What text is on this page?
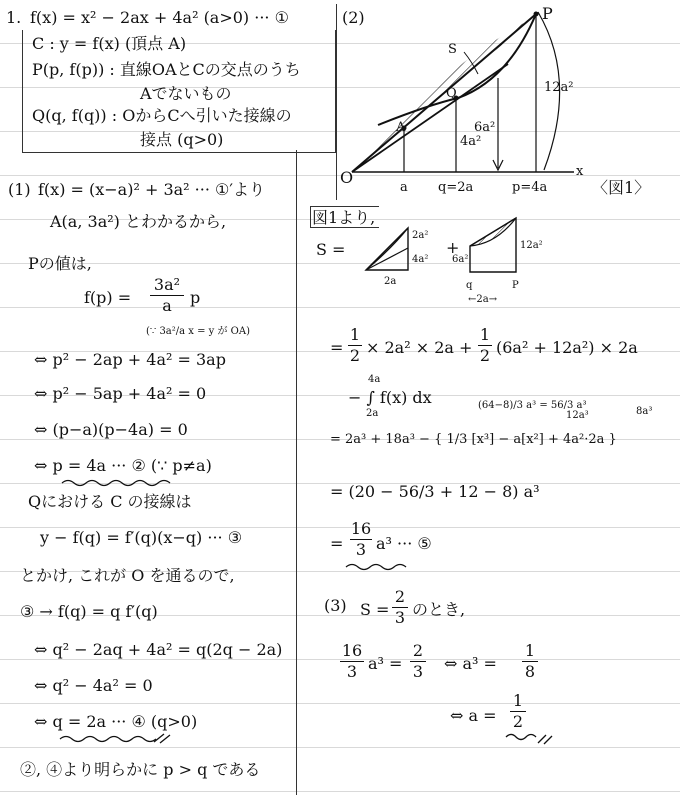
1. f(x) = x² − 2ax + 4a² (a>0) ··· ①
C : y = f(x) (頂点 A)
P(p, f(p)) : 直線OAとCの交点のうち
Aでないもの
Q(q, f(q)) : OからCへ引いた接線の
接点 (q>0)
(1) f(x) = (x−a)² + 3a² ··· ①′より
A(a, 3a²) とわかるから,
Pの値は,
f(p) =
3a²
a	p
(∵ 3a²/a x = y が OA)
⇔ p² − 2ap + 4a² = 3ap
⇔ p² − 5ap + 4a² = 0
⇔ (p−a)(p−4a) = 0
⇔ p = 4a ··· ② (∵ p≠a)
Qにおける C の接線は
y − f(q) = f′(q)(x−q) ··· ③
とかけ, これが O を通るので,
③ → f(q) = q f′(q)
⇔ q² − 2aq + 4a² = q(2q − 2a)
⇔ q² − 4a² = 0
⇔ q = 2a ··· ④ (q>0)
②, ④より明らかに p > q である
(2)	P
A
Q
O	x
S
12a²
4a²
6a²
a q=2a	p=4a	〈図1〉
図1より,
S =
2a²
4a²
2a
+
6a²
12a²
q	P
←2a→
=
1
2 × 2a² × 2a +
1
2 (6a² + 12a²) × 2a
− ∫ f(x) dx
4a
2a
(64−8)/3 a³ = 56/3 a³
12a³	8a³
= 2a³ + 18a³ − { 1/3 [x³] − a[x²] + 4a²·2a }
= (20 − 56/3 + 12 − 8) a³
=
16
3 a³ ··· ⑤
(3) S =
2
3 のとき,
16
3 a³ =
2
3 ⇔ a³ =
1
8
⇔ a =
1
2
